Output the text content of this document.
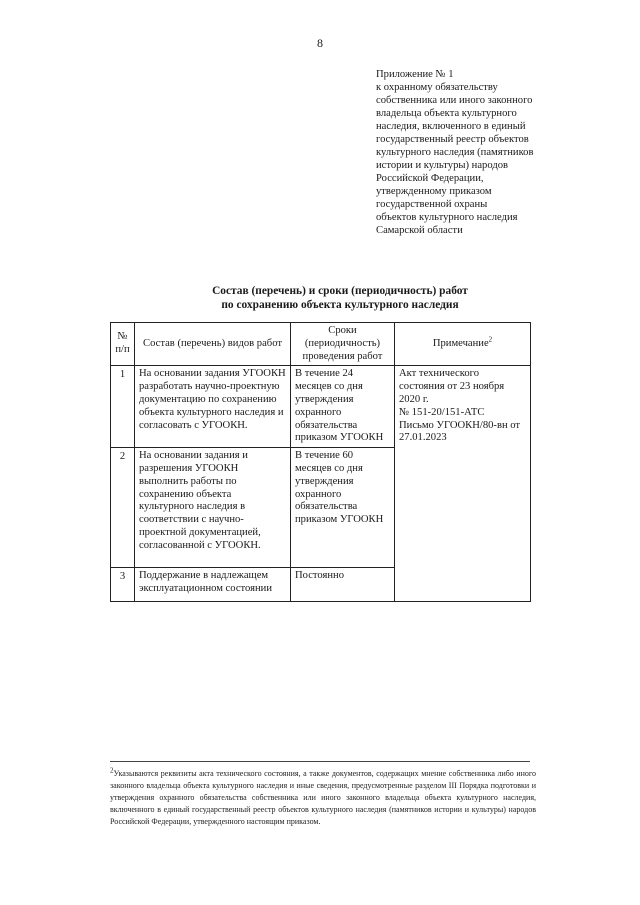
8
Приложение № 1
к охранному обязательству
собственника или иного законного
владельца объекта культурного
наследия, включенного в единый
государственный реестр объектов
культурного наследия (памятников
истории и культуры) народов
Российской Федерации,
утвержденному приказом
государственной охраны
объектов культурного наследия
Самарской области
Состав (перечень) и сроки (периодичность) работ
по сохранению объекта культурного наследия
№ п/п	Состав (перечень) видов работ	Сроки (периодичность) проведения работ	Примечание$^2$
1	На основании задания УГООКН разработать научно-проектную документацию по сохранению объекта культурного наследия и согласовать с УГООКН.	В течение 24 месяцев со дня утверждения охранного обязательства приказом УГООКН	Акт технического состояния от 23 ноября 2020 г.
№ 151-20/151-АТС
Письмо УГООКН/80-вн от 27.01.2023

2	На основании задания и разрешения УГООКН выполнить работы по сохранению объекта культурного наследия в соответствии с научно-проектной документацией, согласованной с УГООКН.	В течение 60 месяцев со дня утверждения охранного обязательства приказом УГООКН	
3	Поддержание в надлежащем эксплуатационном состоянии	Постоянно	
2Указываются реквизиты акта технического состояния, а также документов, содержащих мнение собственника либо иного законного владельца объекта культурного наследия и иные сведения, предусмотренные разделом III Порядка подготовки и утверждения охранного обязательства собственника или иного законного владельца объекта культурного наследия, включенного в единый государственный реестр объектов культурного наследия (памятников истории и культуры) народов Российской Федерации, утвержденного настоящим приказом.
